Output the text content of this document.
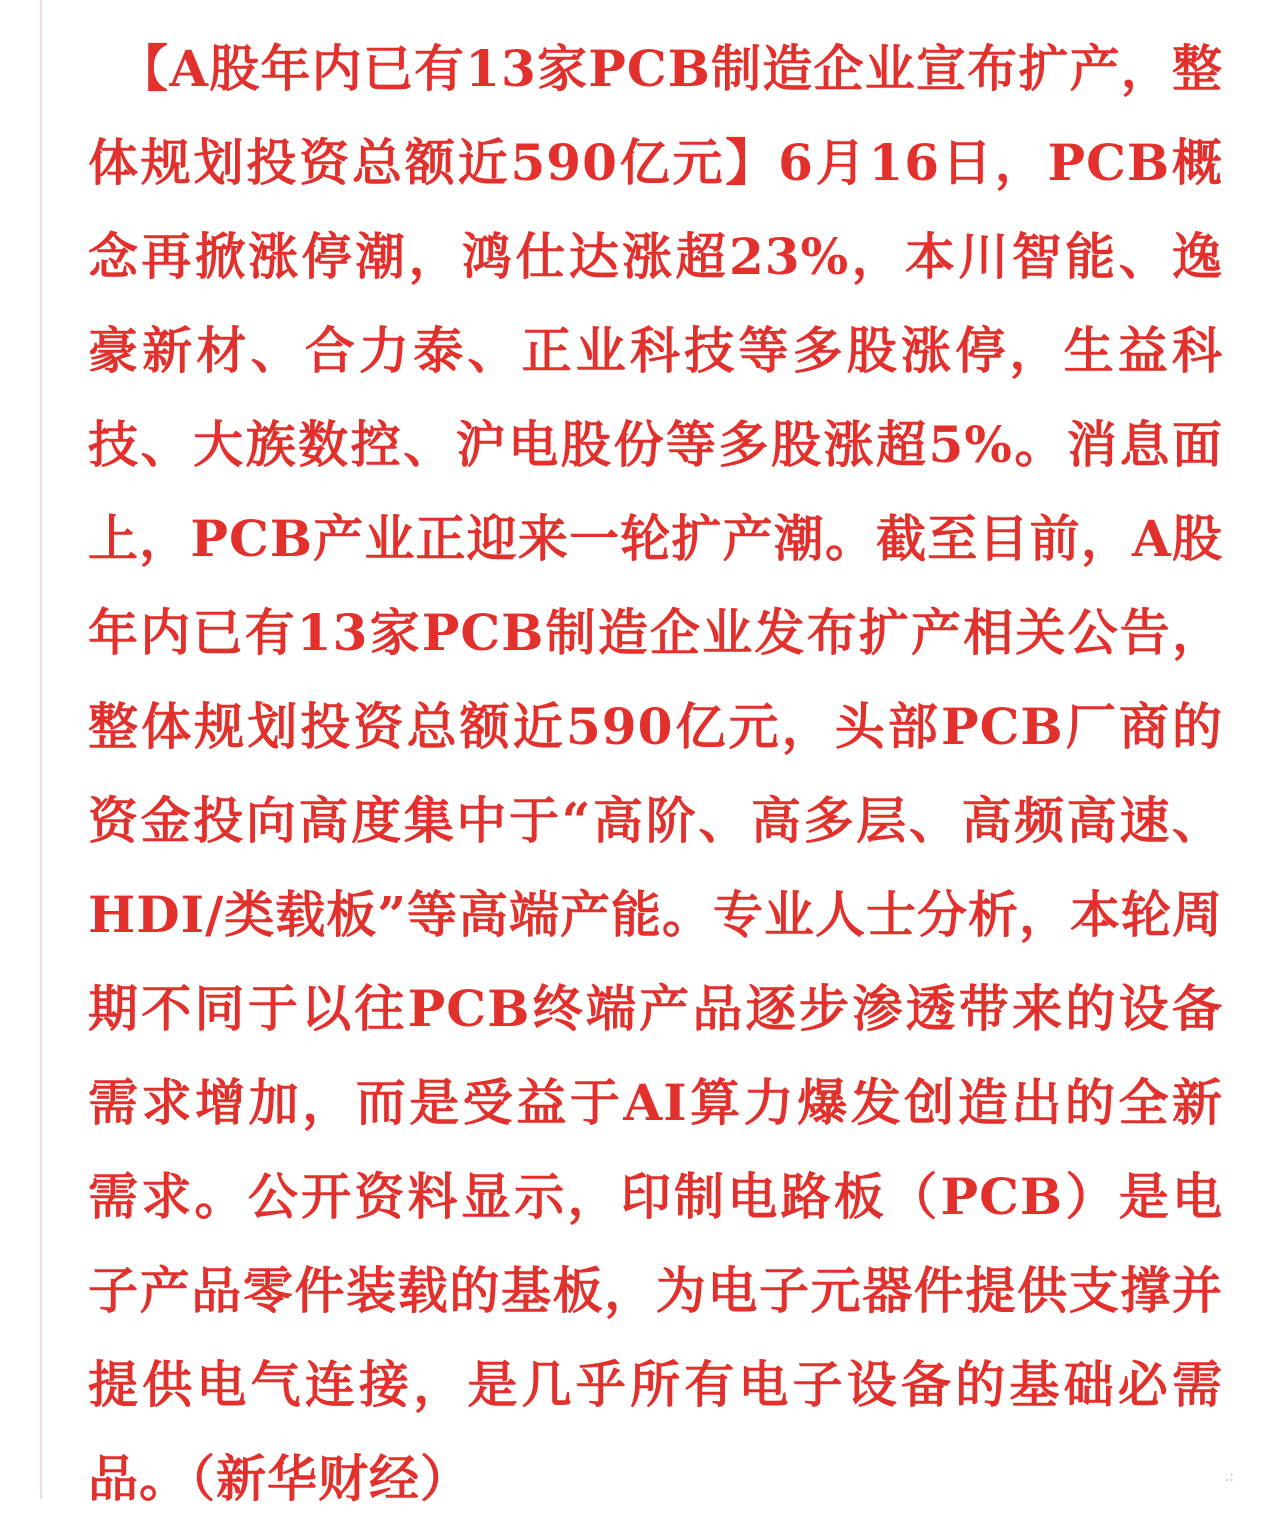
【A股年内已有13家PCB制造企业宣布扩产，整体规划投资总额近590亿元】6月16日，PCB概念再掀涨停潮，鸿仕达涨超23%，本川智能、逸豪新材、合力泰、正业科技等多股涨停，生益科技、大族数控、沪电股份等多股涨超5%。消息面上，PCB产业正迎来一轮扩产潮。截至目前，A股年内已有13家PCB制造企业发布扩产相关公告，整体规划投资总额近590亿元，头部PCB厂商的资金投向高度集中于“高阶、高多层、高频高速、HDI/类载板”等高端产能。专业人士分析，本轮周期不同于以往PCB终端产品逐步渗透带来的设备需求增加，而是受益于AI算力爆发创造出的全新需求。公开资料显示，印制电路板（PCB）是电子产品零件装载的基板，为电子元器件提供支撑并提供电气连接，是几乎所有电子设备的基础必需品。（新华财经）	.:
